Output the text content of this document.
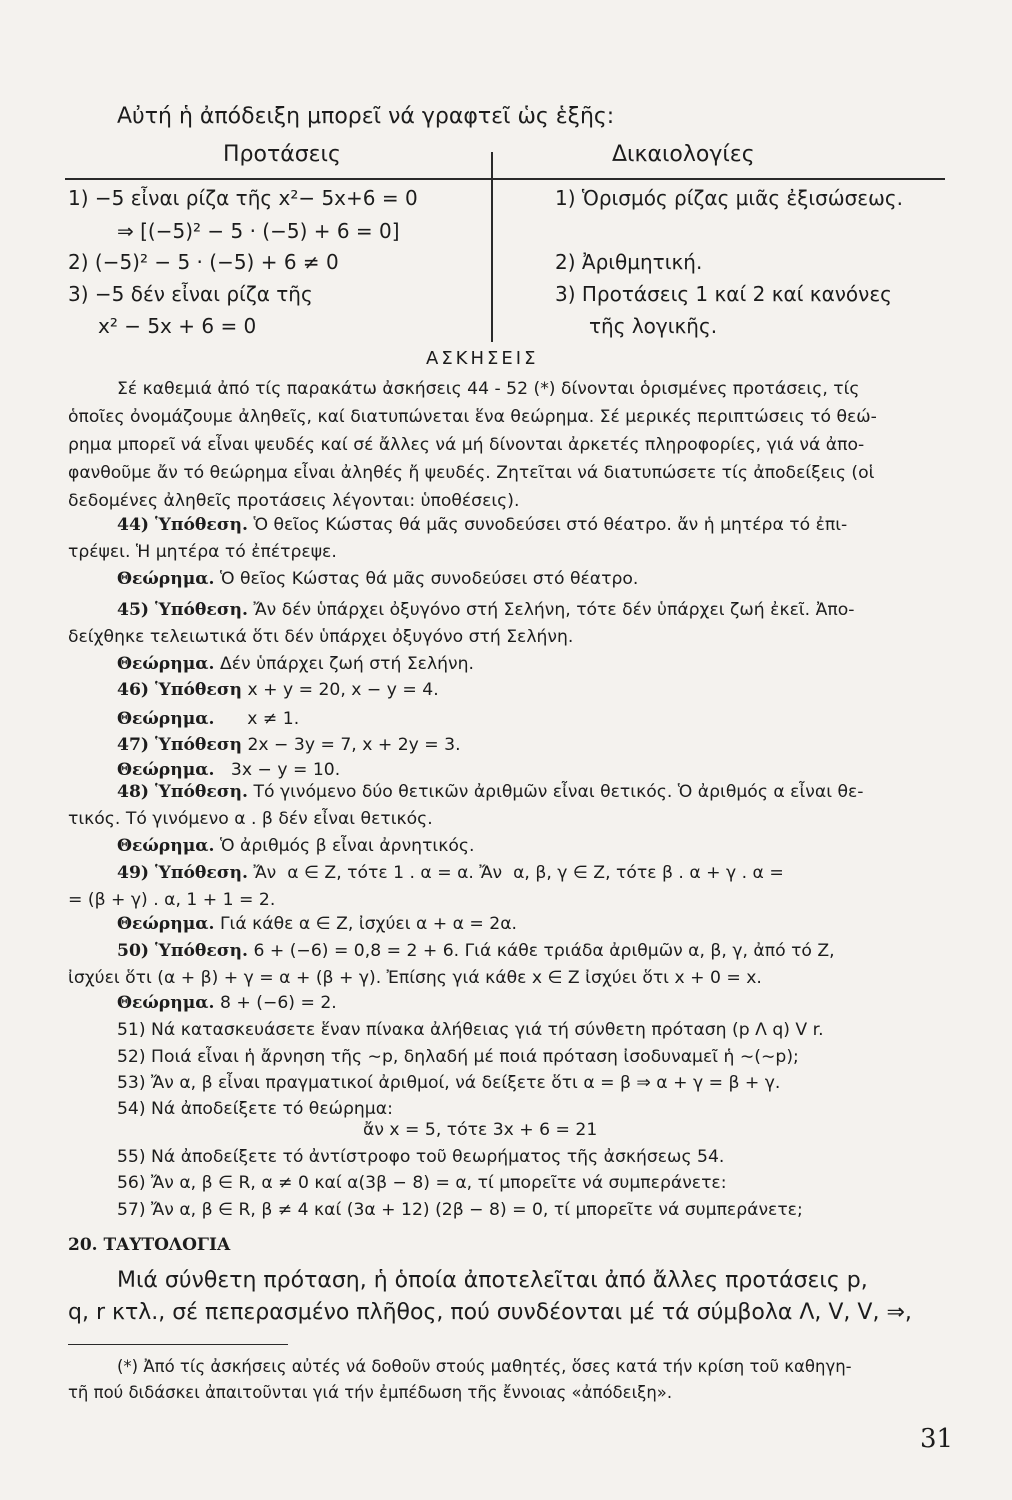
Αὐτή ἡ ἀπόδειξη μπορεῖ νά γραφτεῖ ὡς ἑξῆς:
Προτάσεις	Δικαιολογίες
1) −5 εἶναι ρίζα τῆς x²− 5x+6 = 0
⇒ [(−5)² − 5 · (−5) + 6 = 0]
2) (−5)² − 5 · (−5) + 6 ≠ 0
3) −5 δέν εἶναι ρίζα τῆς
x² − 5x + 6 = 0
1) Ὁρισμός ρίζας μιᾶς ἐξισώσεως.
2) Ἀριθμητική.
3) Προτάσεις 1 καί 2 καί κανόνες
τῆς λογικῆς.
ΑΣΚΗΣΕΙΣ
Σέ καθεμιά ἀπό τίς παρακάτω ἀσκήσεις 44 - 52 (*) δίνονται ὁρισμένες προτάσεις, τίς
ὁποῖες ὀνομάζουμε ἀληθεῖς, καί διατυπώνεται ἕνα θεώρημα. Σέ μερικές περιπτώσεις τό θεώ-
ρημα μπορεῖ νά εἶναι ψευδές καί σέ ἄλλες νά μή δίνονται ἀρκετές πληροφορίες, γιά νά ἀπο-
φανθοῦμε ἄν τό θεώρημα εἶναι ἀληθές ἤ ψευδές. Ζητεῖται νά διατυπώσετε τίς ἀποδείξεις (οἱ
δεδομένες ἀληθεῖς προτάσεις λέγονται: ὑποθέσεις).
44) Ὑπόθεση. Ὁ θεῖος Κώστας θά μᾶς συνοδεύσει στό θέατρο. ἄν ἡ μητέρα τό ἐπι-
τρέψει. Ἡ μητέρα τό ἐπέτρεψε.
Θεώρημα. Ὁ θεῖος Κώστας θά μᾶς συνοδεύσει στό θέατρο.
45) Ὑπόθεση. Ἄν δέν ὑπάρχει ὀξυγόνο στή Σελήνη, τότε δέν ὑπάρχει ζωή ἐκεῖ. Ἀπο-
δείχθηκε τελειωτικά ὅτι δέν ὑπάρχει ὀξυγόνο στή Σελήνη.
Θεώρημα. Δέν ὑπάρχει ζωή στή Σελήνη.
46) Ὑπόθεση x + y = 20, x − y = 4.
Θεώρημα.      x ≠ 1.
47) Ὑπόθεση 2x − 3y = 7, x + 2y = 3.
Θεώρημα.   3x − y = 10.
48) Ὑπόθεση. Τό γινόμενο δύο θετικῶν ἀριθμῶν εἶναι θετικός. Ὁ ἀριθμός α εἶναι θε-
τικός. Τό γινόμενο α . β δέν εἶναι θετικός.
Θεώρημα. Ὁ ἀριθμός β εἶναι ἀρνητικός.
49) Ὑπόθεση. Ἄν  α ∈ Z, τότε 1 . α = α. Ἄν  α, β, γ ∈ Z, τότε β . α + γ . α =
= (β + γ) . α, 1 + 1 = 2.
Θεώρημα. Γιά κάθε α ∈ Z, ἰσχύει α + α = 2α.
50) Ὑπόθεση. 6 + (−6) = 0,8 = 2 + 6. Γιά κάθε τριάδα ἀριθμῶν α, β, γ, ἀπό τό Z,
ἰσχύει ὅτι (α + β) + γ = α + (β + γ). Ἐπίσης γιά κάθε x ∈ Z ἰσχύει ὅτι x + 0 = x.
Θεώρημα. 8 + (−6) = 2.
51) Νά κατασκευάσετε ἕναν πίνακα ἀλήθειας γιά τή σύνθετη πρόταση (p Λ q) V r.
52) Ποιά εἶναι ἡ ἄρνηση τῆς ∼p, δηλαδή μέ ποιά πρόταση ἰσοδυναμεῖ ἡ ∼(∼p);
53) Ἄν α, β εἶναι πραγματικοί ἀριθμοί, νά δείξετε ὅτι α = β ⇒ α + γ = β + γ.
54) Νά ἀποδείξετε τό θεώρημα:
ἄν x = 5, τότε 3x + 6 = 21
55) Νά ἀποδείξετε τό ἀντίστροφο τοῦ θεωρήματος τῆς ἀσκήσεως 54.
56) Ἄν α, β ∈ R, α ≠ 0 καί α(3β − 8) = α, τί μπορεῖτε νά συμπεράνετε:
57) Ἄν α, β ∈ R, β ≠ 4 καί (3α + 12) (2β − 8) = 0, τί μπορεῖτε νά συμπεράνετε;
20. ΤΑΥΤΟΛΟΓΙΑ
Μιά σύνθετη πρόταση, ἡ ὁποία ἀποτελεῖται ἀπό ἄλλες προτάσεις p,
q, r κτλ., σέ πεπερασμένο πλῆθος, πού συνδέονται μέ τά σύμβολα Λ, V, V, ⇒,
(*) Ἀπό τίς ἀσκήσεις αὐτές νά δοθοῦν στούς μαθητές, ὅσες κατά τήν κρίση τοῦ καθηγη-
τῆ πού διδάσκει ἀπαιτοῦνται γιά τήν ἐμπέδωση τῆς ἔννοιας «ἀπόδειξη».
31
